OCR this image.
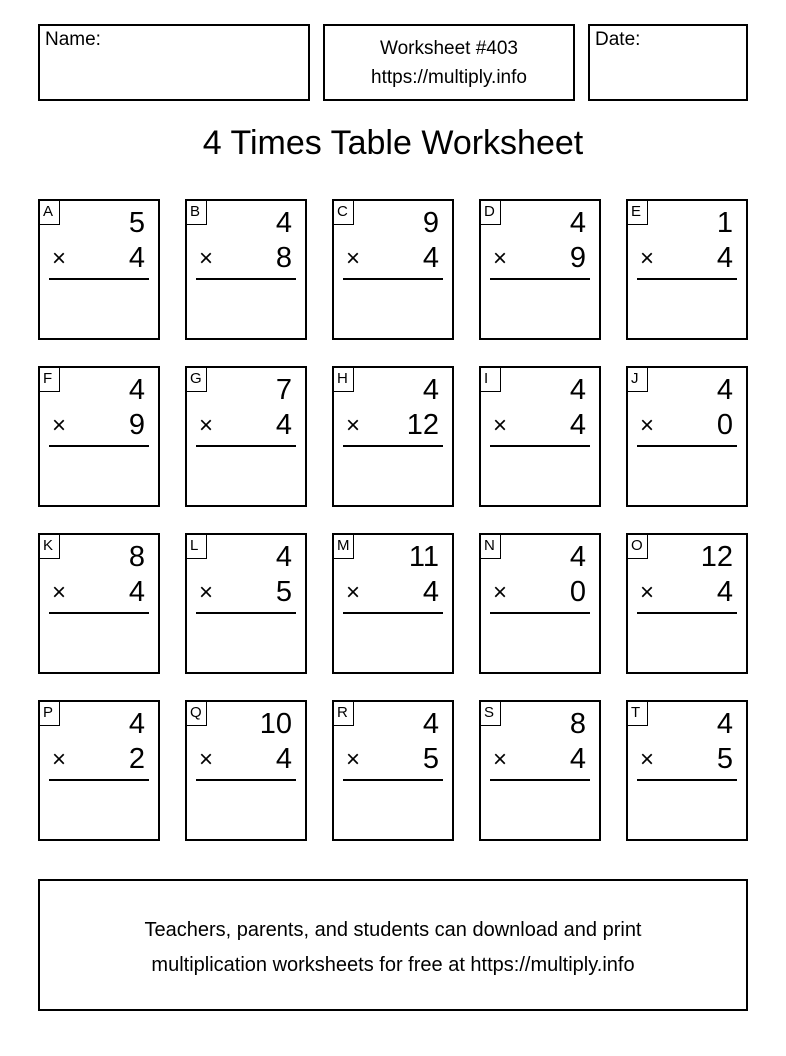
Name:	Worksheet #403
https://multiply.info
Date:
4 Times Table Worksheet
A	5
× 4
B	4
× 8
C	9
× 4
D	4
× 9
E	1
× 4
F	4
× 9
G	7
× 4
H	4
× 12
I	4
× 4
J	4
× 0
K	8
× 4
L	4
× 5
M 11
× 4
N	4
× 0
O 12
× 4
P	4
× 2
Q 10
× 4
R	4
× 5
S	8
× 4
T	4
× 5
Teachers, parents, and students can download and print
multiplication worksheets for free at https://multiply.info
